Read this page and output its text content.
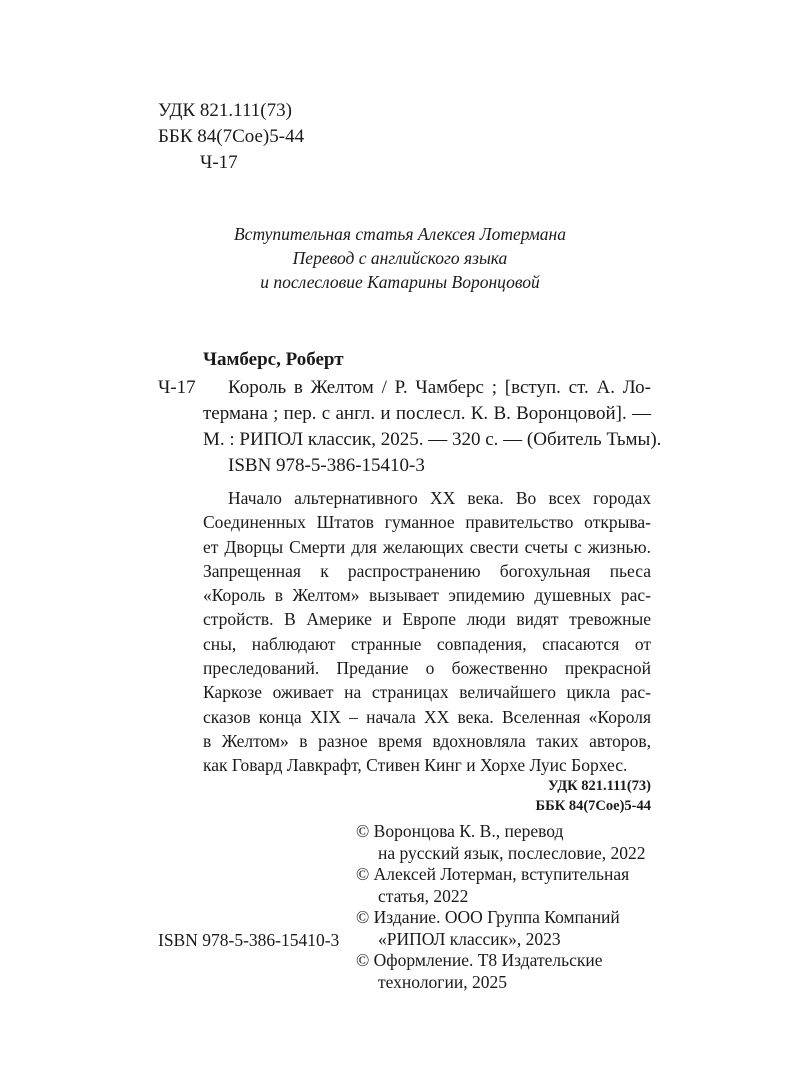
УДК 821.111(73)
ББК 84(7Сое)5-44
Ч-17
Вступительная статья Алексея Лотермана
Перевод с английского языка
и послесловие Катарины Воронцовой
Чамберс, Роберт
Ч-17 Король в Желтом / Р. Чамберс ; [вступ. ст. А. Ло-
термана ; пер. с англ. и послесл. К. В. Воронцовой]. —
М. : РИПОЛ классик, 2025. — 320 с. — (Обитель Тьмы).
ISBN 978-5-386-15410-3
Начало альтернативного XX века. Во всех городах
Соединенных Штатов гуманное правительство открыва-
ет Дворцы Смерти для желающих свести счеты с жизнью.
Запрещенная к распространению богохульная пьеса
«Король в Желтом» вызывает эпидемию душевных рас-
стройств. В Америке и Европе люди видят тревожные
сны, наблюдают странные совпадения, спасаются от
преследований. Предание о божественно прекрасной
Каркозе оживает на страницах величайшего цикла рас-
сказов конца XIX – начала XX века. Вселенная «Короля
в Желтом» в разное время вдохновляла таких авторов,
как Говард Лавкрафт, Стивен Кинг и Хорхе Луис Борхес.
УДК 821.111(73)
ББК 84(7Сое)5-44
© Воронцова К. В., перевод
на русский язык, послесловие, 2022
© Алексей Лотерман, вступительная
статья, 2022
© Издание. ООО Группа Компаний
«РИПОЛ классик», 2023
© Оформление. Т8 Издательские
технологии, 2025
ISBN 978-5-386-15410-3
